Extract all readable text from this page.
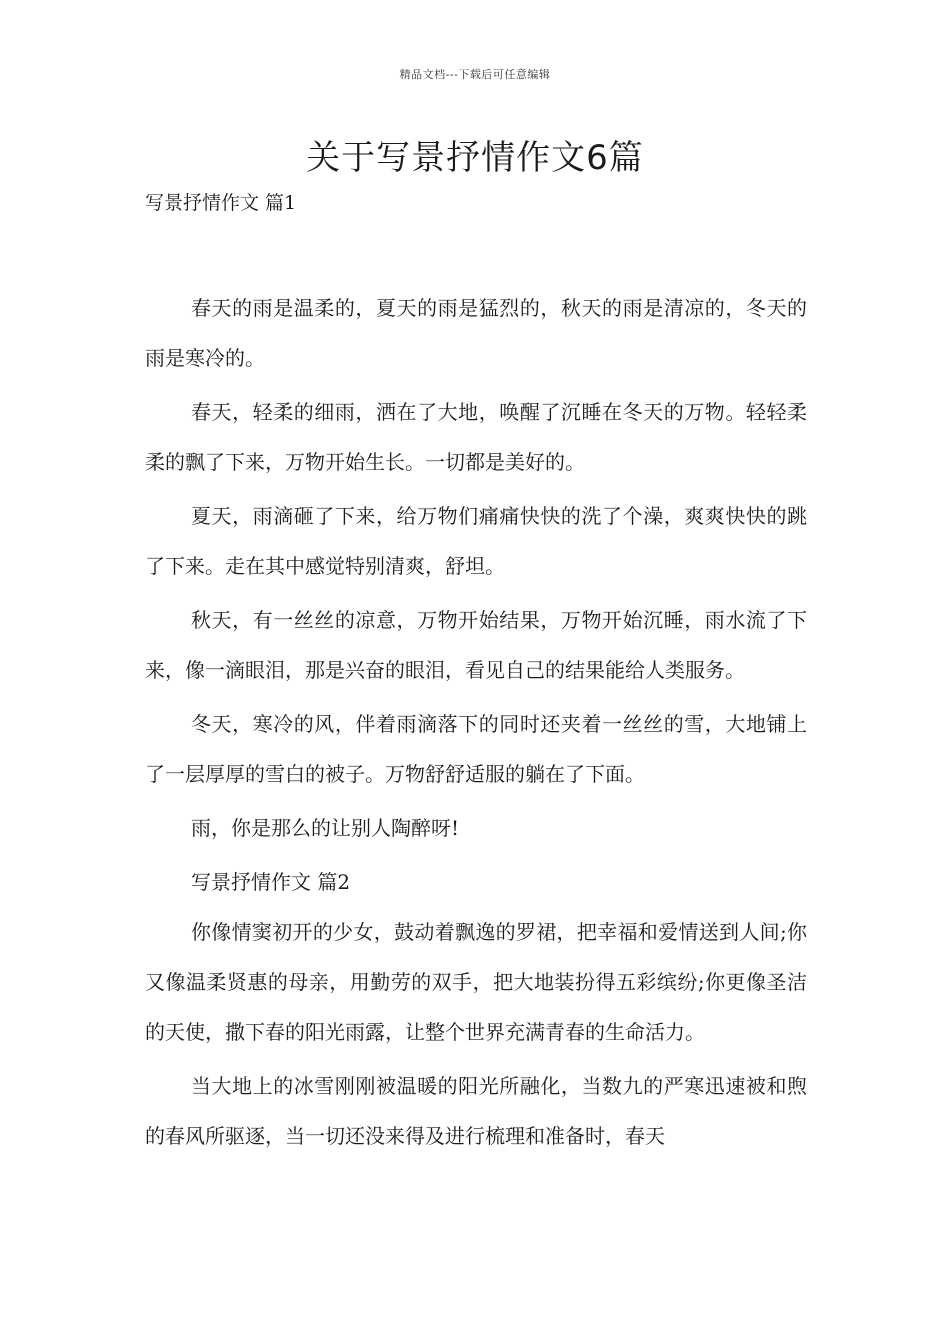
精品文档---下载后可任意编辑
关于写景抒情作文6篇
写景抒情作文 篇1

春天的雨是温柔的，夏天的雨是猛烈的，秋天的雨是清凉的，冬天的雨是寒冷的。

春天，轻柔的细雨，洒在了大地，唤醒了沉睡在冬天的万物。轻轻柔柔的飘了下来，万物开始生长。一切都是美好的。

夏天，雨滴砸了下来，给万物们痛痛快快的洗了个澡，爽爽快快的跳了下来。走在其中感觉特别清爽，舒坦。

秋天，有一丝丝的凉意，万物开始结果，万物开始沉睡，雨水流了下来，像一滴眼泪，那是兴奋的眼泪，看见自己的结果能给人类服务。

冬天，寒冷的风，伴着雨滴落下的同时还夹着一丝丝的雪，大地铺上了一层厚厚的雪白的被子。万物舒舒适服的躺在了下面。

雨，你是那么的让别人陶醉呀!

写景抒情作文 篇2

你像情窦初开的少女，鼓动着飘逸的罗裙，把幸福和爱情送到人间;你又像温柔贤惠的母亲，用勤劳的双手，把大地装扮得五彩缤纷;你更像圣洁的天使，撒下春的阳光雨露，让整个世界充满青春的生命活力。

当大地上的冰雪刚刚被温暖的阳光所融化，当数九的严寒迅速被和煦的春风所驱逐，当一切还没来得及进行梳理和准备时，春天
